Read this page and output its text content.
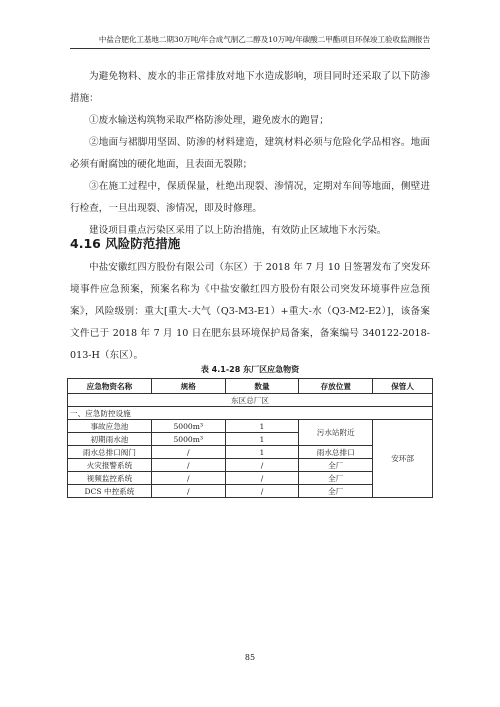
中盐合肥化工基地二期30万吨/年合成气制乙二醇及10万吨/年碳酸二甲酯项目环保竣工验收监测报告
为避免物料、废水的非正常排放对地下水造成影响，项目同时还采取了以下防渗措施：
①废水输送构筑物采取严格防渗处理，避免废水的跑冒；
②地面与裙脚用坚固、防渗的材料建造，建筑材料必须与危险化学品相容。地面必须有耐腐蚀的硬化地面，且表面无裂隙；
③在施工过程中，保质保量，杜绝出现裂、渗情况，定期对车间等地面，侧壁进行检查，一旦出现裂、渗情况，即及时修理。
建设项目重点污染区采用了以上防治措施，有效防止区域地下水污染。
4.16 风险防范措施
中盐安徽红四方股份有限公司（东区）于 2018 年 7 月 10 日签署发布了突发环境事件应急预案，预案名称为《中盐安徽红四方股份有限公司突发环境事件应急预案》，风险级别：重大[重大-大气（Q3-M3-E1）+重大-水（Q3-M2-E2）]，该备案文件已于 2018 年 7 月 10 日在肥东县环境保护局备案，备案编号 340122-2018-013-H（东区）。
表 4.1-28 东厂区应急物资
应急物资名称	规格	数量	存放位置	保管人
东区总厂区				
一、应急防控设施				
事故应急池	5000m³	1	污水站附近	安环部
初期雨水池	5000m³	1		
雨水总排口阀门	/	1	雨水总排口	
火灾报警系统	/	/	全厂	
视频监控系统	/	/	全厂	
DCS 中控系统	/	/	全厂	
85
